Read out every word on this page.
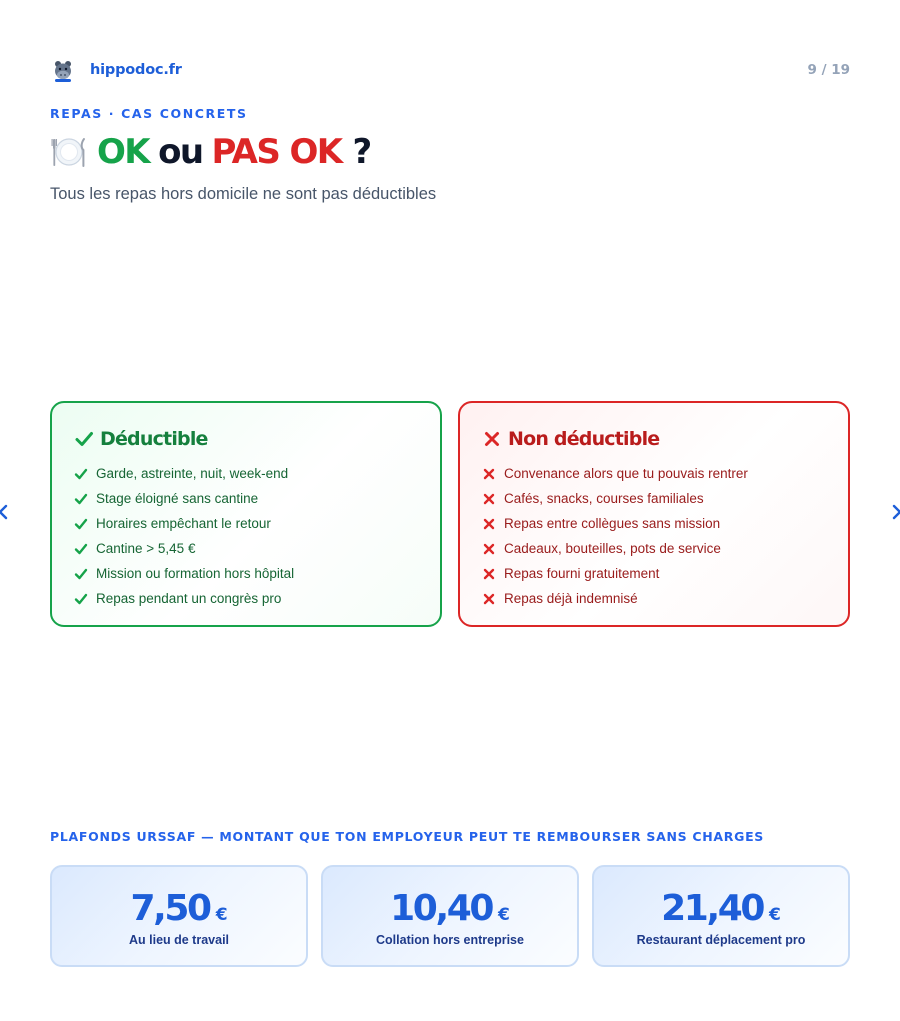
hippodoc.fr	9 / 19
REPAS · CAS CONCRETS
OK ou PAS OK ?

Tous les repas hors domicile ne sont pas déductibles

Déductible
Garde, astreinte, nuit, week-end
Stage éloigné sans cantine
Horaires empêchant le retour
Cantine > 5,45 €
Mission ou formation hors hôpital
Repas pendant un congrès pro
Non déductible
Convenance alors que tu pouvais rentrer
Cafés, snacks, courses familiales
Repas entre collègues sans mission
Cadeaux, bouteilles, pots de service
Repas fourni gratuitement
Repas déjà indemnisé
PLAFONDS URSSAF — MONTANT QUE TON EMPLOYEUR PEUT TE REMBOURSER SANS CHARGES
7,50 €
Au lieu de travail
10,40 €
Collation hors entreprise
21,40 €
Restaurant déplacement pro
